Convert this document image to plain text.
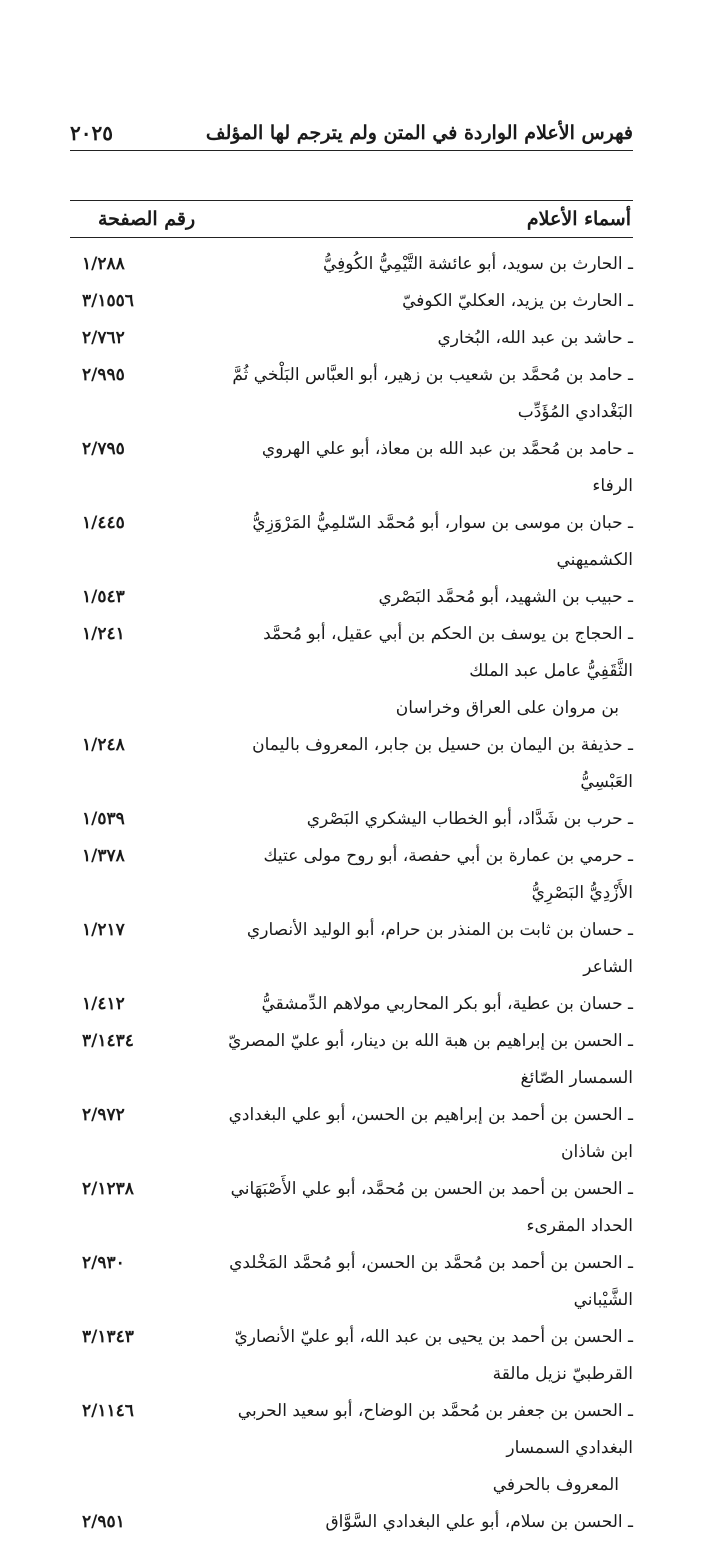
٢٠٢٥	فهرس الأعلام الواردة في المتن ولم يترجم لها المؤلف
رقم الصفحة	أسماء الأعلام
١/٢٨٨	ـ الحارث بن سويد، أبو عائشة التَّيْمِيُّ الكُوفِيُّ
٣/١٥٥٦	ـ الحارث بن يزيد، العكليّ الكوفيّ
٢/٧٦٢	ـ حاشد بن عبد الله، البُخاري
٢/٩٩٥	ـ حامد بن مُحمَّد بن شعيب بن زهير، أبو العبَّاس البَلْخي ثُمَّ البَغْدادي المُؤَدِّب
٢/٧٩٥	ـ حامد بن مُحمَّد بن عبد الله بن معاذ، أبو علي الهروي الرفاء
١/٤٤٥	ـ حبان بن موسى بن سوار، أبو مُحمَّد السّلمِيُّ المَرْوَزِيُّ الكشميهني
١/٥٤٣	ـ حبيب بن الشهيد، أبو مُحمَّد البَصْري
١/٢٤١	ـ الحجاج بن يوسف بن الحكم بن أبي عقيل، أبو مُحمَّد الثَّقَفِيُّ عامل عبد الملك
بن مروان على العراق وخراسان
١/٢٤٨	ـ حذيفة بن اليمان بن حسيل بن جابر، المعروف باليمان العَبْسِيُّ
١/٥٣٩	ـ حرب بن شَدَّاد، أبو الخطاب اليشكري البَصْري
١/٣٧٨	ـ حرمي بن عمارة بن أبي حفصة، أبو روح مولى عتيك الأَزْدِيُّ البَصْرِيُّ
١/٢١٧	ـ حسان بن ثابت بن المنذر بن حرام، أبو الوليد الأنصاري الشاعر
١/٤١٢	ـ حسان بن عطية، أبو بكر المحاربي مولاهم الدِّمشقيُّ
٣/١٤٣٤	ـ الحسن بن إبراهيم بن هبة الله بن دينار، أبو عليّ المصريّ السمسار الصّائغ
٢/٩٧٢	ـ الحسن بن أحمد بن إبراهيم بن الحسن، أبو علي البغدادي ابن شاذان
٢/١٢٣٨	ـ الحسن بن أحمد بن الحسن بن مُحمَّد، أبو علي الأَصْبَهَاني الحداد المقرىء
٢/٩٣٠	ـ الحسن بن أحمد بن مُحمَّد بن الحسن، أبو مُحمَّد المَخْلدي الشَّيْباني
٣/١٣٤٣	ـ الحسن بن أحمد بن يحيى بن عبد الله، أبو عليّ الأنصاريّ القرطبيّ نزيل مالقة
٢/١١٤٦	ـ الحسن بن جعفر بن مُحمَّد بن الوضاح، أبو سعيد الحربي البغدادي السمسار
المعروف بالحرفي
٢/٩٥١	ـ الحسن بن سلام، أبو علي البغدادي السَّوَّاق
